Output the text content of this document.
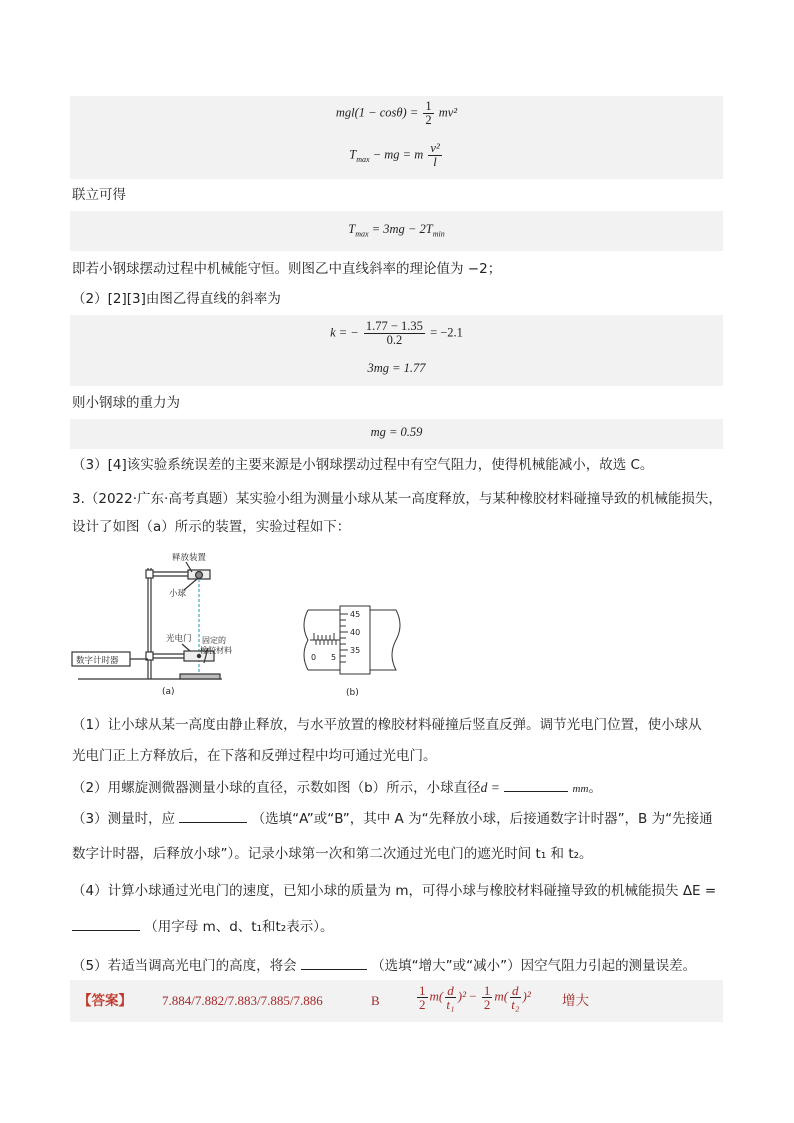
$mgl(1 - \cos\theta) = \frac{1}{2} mv^2$
$T_{max}$ − mg = m $\frac{\text{v²}}{l}$
联立可得
$T_{max} = 3mg - 2T_{min}$
即若小钢球摆动过程中机械能守恒。则图乙中直线斜率的理论值为 −2；
（2）[2][3]由图乙得直线的斜率为
k = − $\frac{1.77 - 1.35}{0.2} = -2.1$
3mg = 1.77
则小钢球的重力为
mg = 0.59
（3）[4]该实验系统误差的主要来源是小钢球摆动过程中有空气阻力，使得机械能减小，故选 C。
3.（2022·广东·高考真题）某实验小组为测量小球从某一高度释放，与某种橡胶材料碰撞导致的机械能损失，
设计了如图（a）所示的装置，实验过程如下：
释放装置
小球
光电门
数字计时器
固定的
橡胶材料
(a)
45
40
35
0 5
(b)
（1）让小球从某一高度由静止释放，与水平放置的橡胶材料碰撞后竖直反弹。调节光电门位置，使小球从
光电门正上方释放后，在下落和反弹过程中均可通过光电门。
（2）用螺旋测微器测量小球的直径，示数如图（b）所示，小球直径d =	mm。
（3）测量时，应	（选填“A”或“B”，其中 A 为“先释放小球，后接通数字计时器”，B 为“先接通
数字计时器，后释放小球”）。记录小球第一次和第二次通过光电门的遮光时间 t₁ 和 t₂。
（4）计算小球通过光电门的速度，已知小球的质量为 m，可得小球与橡胶材料碰撞导致的机械能损失 ΔE =
（用字母 m、d、t₁和t₂表示）。
（5）若适当调高光电门的高度，将会	（选填“增大”或“减小”）因空气阻力引起的测量误差。
【答案】 7.884/7.882/7.883/7.885/7.886	B	$\frac{1}{2} m( \frac{d}{\text{t₁}} )^2 - \frac{1}{2} m( \frac{d}{\text{t₂}} )^2$ 增大
